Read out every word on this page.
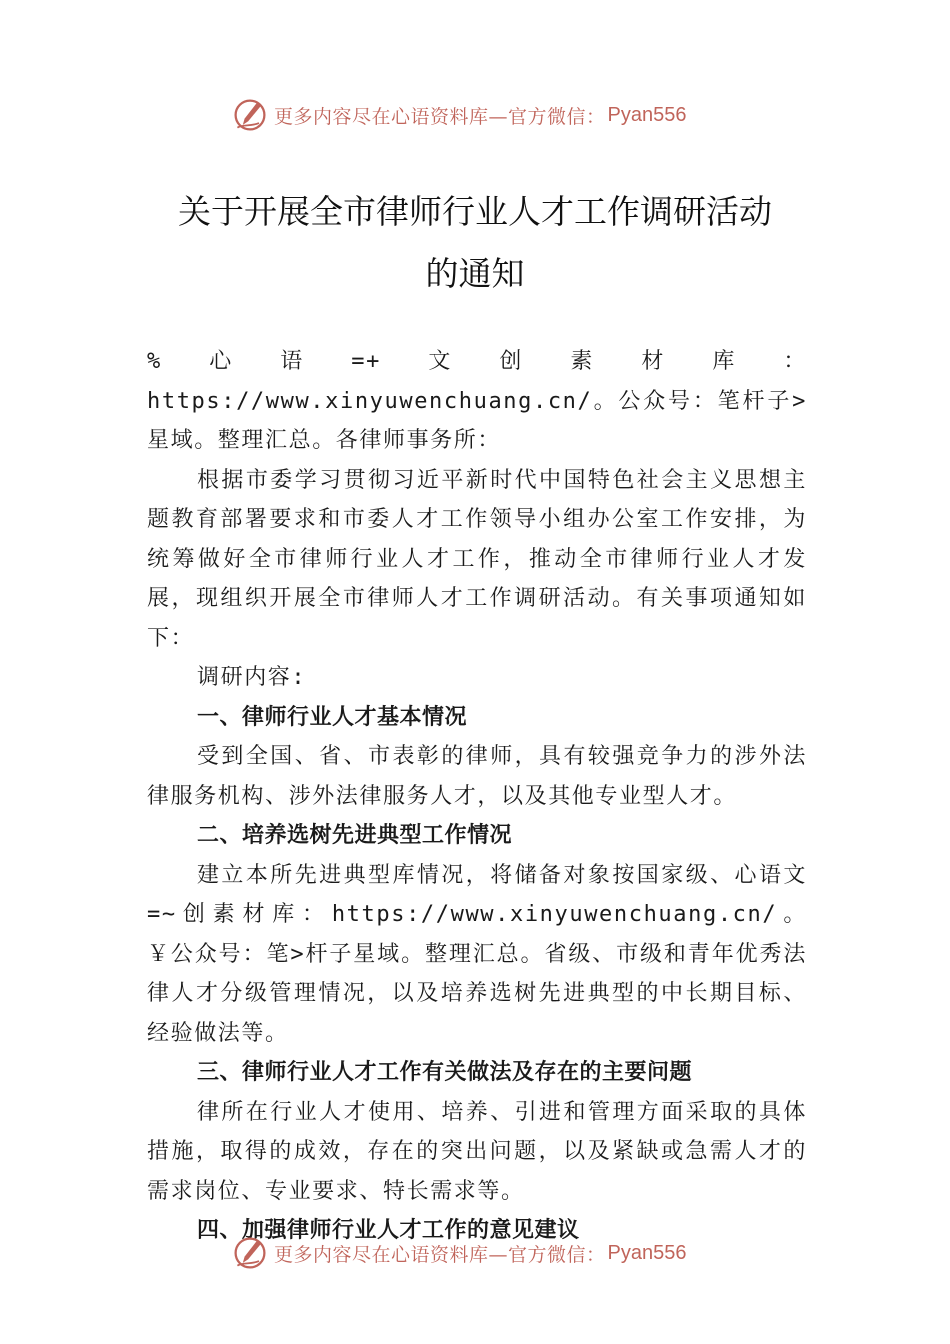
更多内容尽在心语资料库—官方微信： Pyan556
关于开展全市律师行业人才工作调研活动
的通知

%心语=+文创素材库：https://www.xinyuwenchuang.cn/。公众号：笔杆子>星域。整理汇总。各律师事务所：

根据市委学习贯彻习近平新时代中国特色社会主义思想主题教育部署要求和市委人才工作领导小组办公室工作安排，为统筹做好全市律师行业人才工作，推动全市律师行业人才发展，现组织开展全市律师人才工作调研活动。有关事项通知如下：

调研内容:

一、律师行业人才基本情况

受到全国、省、市表彰的律师，具有较强竞争力的涉外法律服务机构、涉外法律服务人才，以及其他专业型人才。

二、培养选树先进典型工作情况

建立本所先进典型库情况，将储备对象按国家级、心语文=~创素材库：https://www.xinyuwenchuang.cn/。￥公众号：笔>杆子星域。整理汇总。省级、市级和青年优秀法律人才分级管理情况，以及培养选树先进典型的中长期目标、经验做法等。

三、律师行业人才工作有关做法及存在的主要问题

律所在行业人才使用、培养、引进和管理方面采取的具体措施，取得的成效，存在的突出问题，以及紧缺或急需人才的需求岗位、专业要求、特长需求等。

四、加强律师行业人才工作的意见建议

更多内容尽在心语资料库—官方微信： Pyan556
